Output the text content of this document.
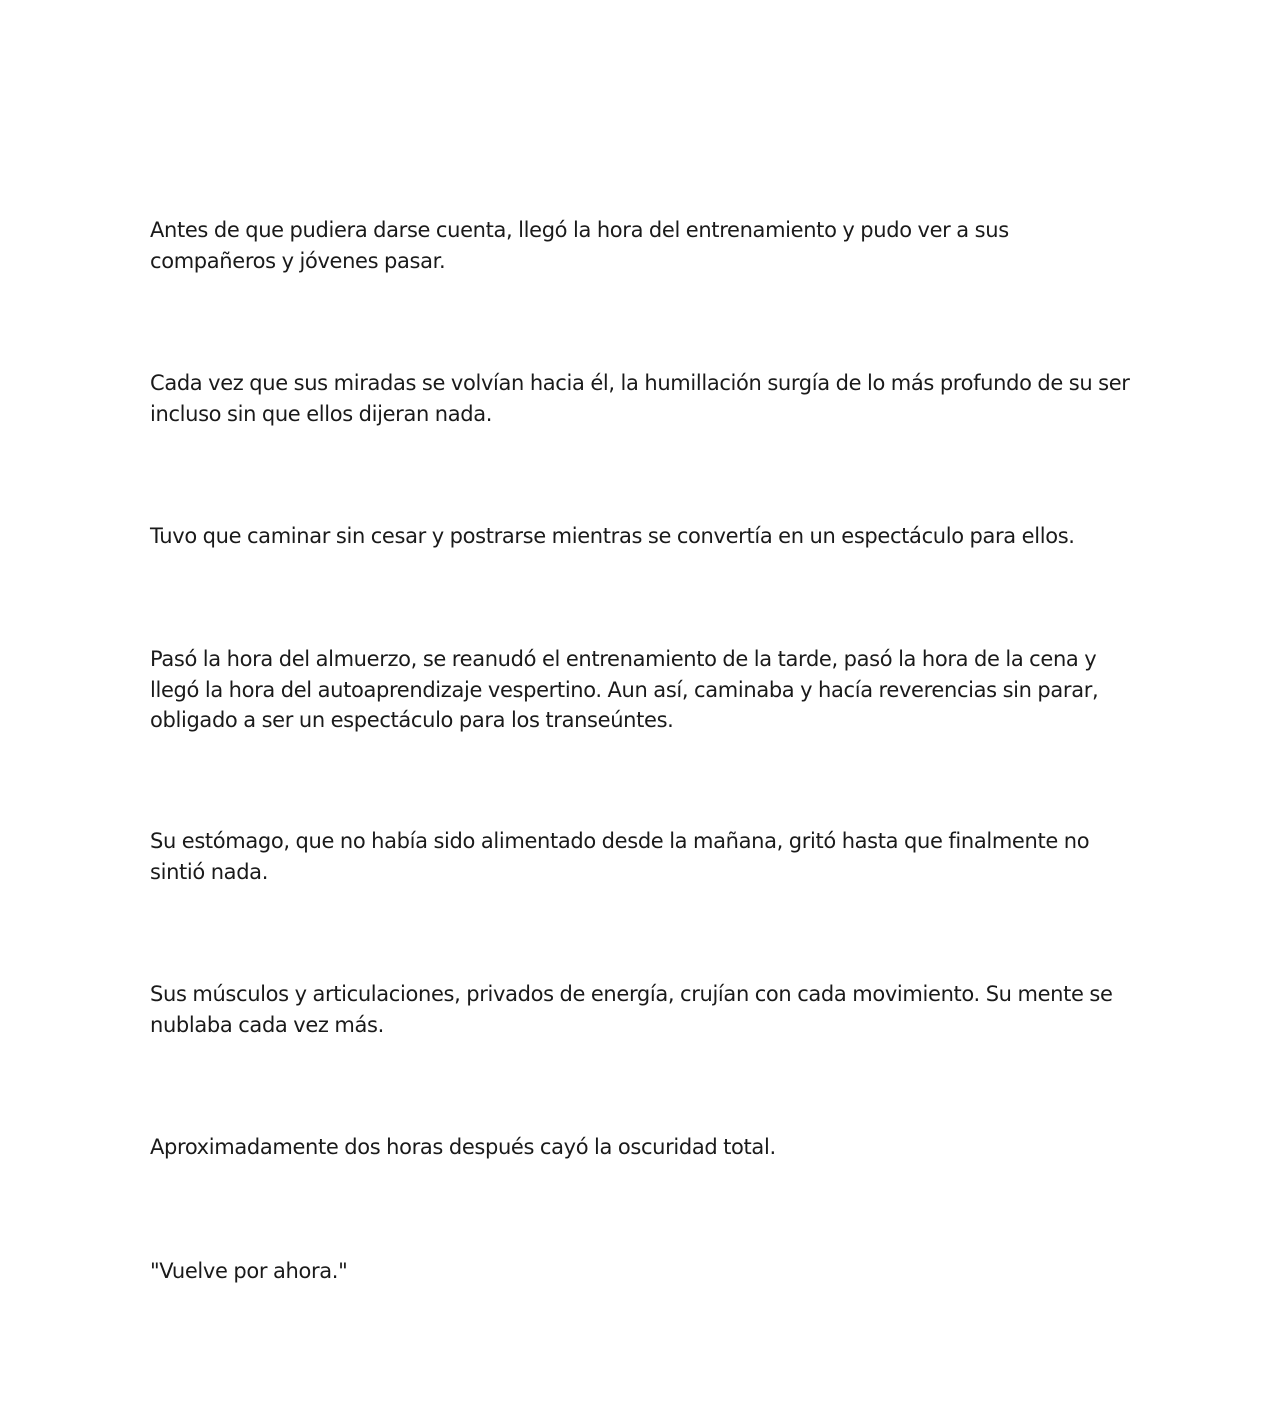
Antes de que pudiera darse cuenta, llegó la hora del entrenamiento y pudo ver a sus compañeros y jóvenes pasar.

Cada vez que sus miradas se volvían hacia él, la humillación surgía de lo más profundo de su ser incluso sin que ellos dijeran nada.

Tuvo que caminar sin cesar y postrarse mientras se convertía en un espectáculo para ellos.

Pasó la hora del almuerzo, se reanudó el entrenamiento de la tarde, pasó la hora de la cena y llegó la hora del autoaprendizaje vespertino. Aun así, caminaba y hacía reverencias sin parar, obligado a ser un espectáculo para los transeúntes.

Su estómago, que no había sido alimentado desde la mañana, gritó hasta que finalmente no sintió nada.

Sus músculos y articulaciones, privados de energía, crujían con cada movimiento. Su mente se nublaba cada vez más.

Aproximadamente dos horas después cayó la oscuridad total.

"Vuelve por ahora."
